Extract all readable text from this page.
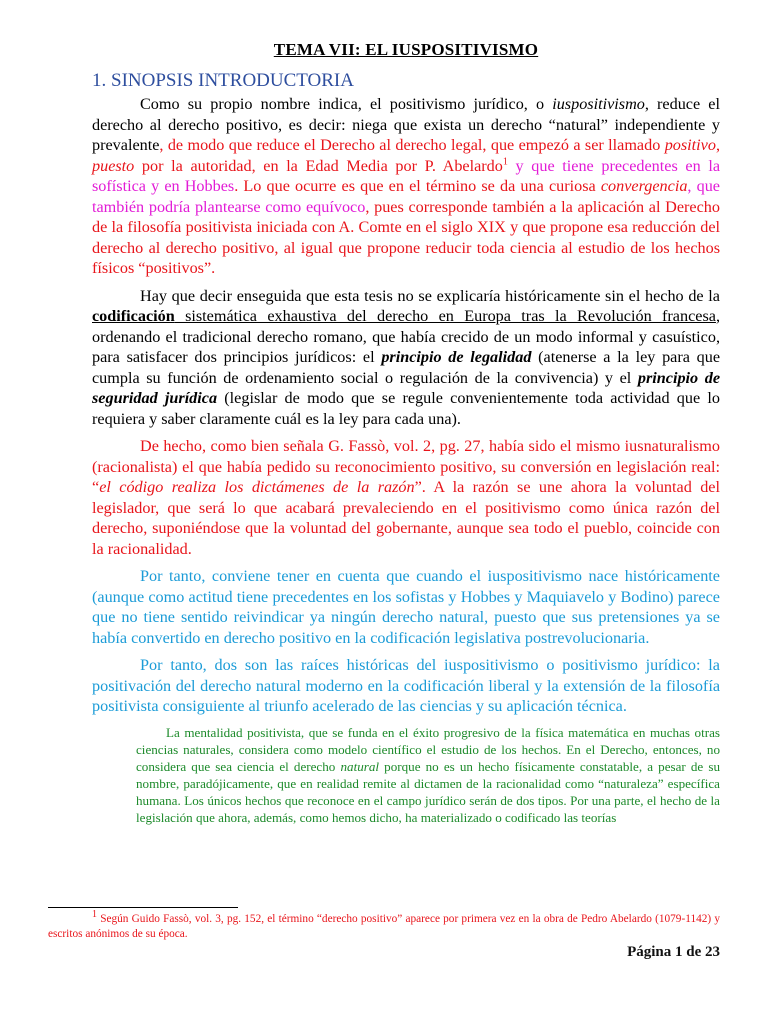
TEMA VII: EL IUSPOSITIVISMO
1. SINOPSIS INTRODUCTORIA

Como su propio nombre indica, el positivismo jurídico, o iuspositivismo, reduce el derecho al derecho positivo, es decir: niega que exista un derecho “natural” independiente y prevalente, de modo que reduce el Derecho al derecho legal, que empezó a ser llamado positivo, puesto por la autoridad, en la Edad Media por P. Abelardo$^1$ y que tiene precedentes en la sofística y en Hobbes. Lo que ocurre es que en el término se da una curiosa convergencia, que también podría plantearse como equívoco, pues corresponde también a la aplicación al Derecho de la filosofía positivista iniciada con A. Comte en el siglo XIX y que propone esa reducción del derecho al derecho positivo, al igual que propone reducir toda ciencia al estudio de los hechos físicos “positivos”.

Hay que decir enseguida que esta tesis no se explicaría históricamente sin el hecho de la codificación sistemática exhaustiva del derecho en Europa tras la Revolución francesa, ordenando el tradicional derecho romano, que había crecido de un modo informal y casuístico, para satisfacer dos principios jurídicos: el principio de legalidad (atenerse a la ley para que cumpla su función de ordenamiento social o regulación de la convivencia) y el principio de seguridad jurídica (legislar de modo que se regule convenientemente toda actividad que lo requiera y saber claramente cuál es la ley para cada una).

De hecho, como bien señala G. Fassò, vol. 2, pg. 27, había sido el mismo iusnaturalismo (racionalista) el que había pedido su reconocimiento positivo, su conversión en legislación real: “el código realiza los dictámenes de la razón”. A la razón se une ahora la voluntad del legislador, que será lo que acabará prevaleciendo en el positivismo como única razón del derecho, suponiéndose que la voluntad del gobernante, aunque sea todo el pueblo, coincide con la racionalidad.

Por tanto, conviene tener en cuenta que cuando el iuspositivismo nace históricamente (aunque como actitud tiene precedentes en los sofistas y Hobbes y Maquiavelo y Bodino) parece que no tiene sentido reivindicar ya ningún derecho natural, puesto que sus pretensiones ya se había convertido en derecho positivo en la codificación legislativa postrevolucionaria.

Por tanto, dos son las raíces históricas del iuspositivismo o positivismo jurídico: la positivación del derecho natural moderno en la codificación liberal y la extensión de la filosofía positivista consiguiente al triunfo acelerado de las ciencias y su aplicación técnica.

La mentalidad positivista, que se funda en el éxito progresivo de la física matemática en muchas otras ciencias naturales, considera como modelo científico el estudio de los hechos. En el Derecho, entonces, no considera que sea ciencia el derecho natural porque no es un hecho físicamente constatable, a pesar de su nombre, paradójicamente, que en realidad remite al dictamen de la racionalidad como “naturaleza” específica humana. Los únicos hechos que reconoce en el campo jurídico serán de dos tipos. Por una parte, el hecho de la legislación que ahora, además, como hemos dicho, ha materializado o codificado las teorías

$^1$ Según Guido Fassò, vol. 3, pg. 152, el término “derecho positivo” aparece por primera vez en la obra de Pedro Abelardo (1079-1142) y escritos anónimos de su época.
Página 1 de 23
